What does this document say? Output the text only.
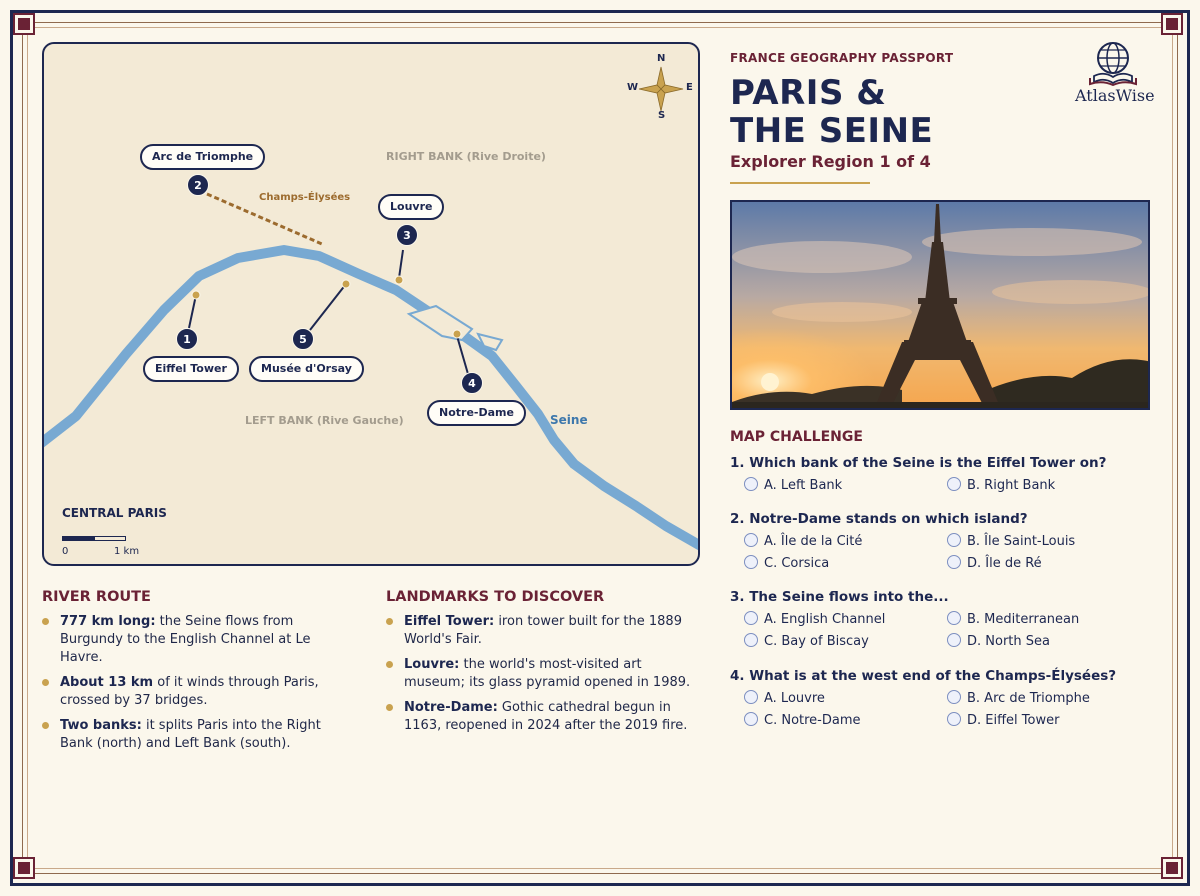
N
S
E
W
RIGHT BANK (Rive Droite)
LEFT BANK (Rive Gauche)	Seine
Champs-Élysées
Arc de Triomphe
2
Louvre
3
1
Eiffel Tower
5
Musée d'Orsay
4
Notre-Dame
CENTRAL PARIS
0	1 km
FRANCE GEOGRAPHY PASSPORT
PARIS &
THE SEINE
Explorer Region 1 of 4
AtlasWise
MAP CHALLENGE
1. Which bank of the Seine is the Eiffel Tower on?
A. Left Bank	B. Right Bank
2. Notre-Dame stands on which island?
A. Île de la Cité	B. Île Saint-Louis
C. Corsica	D. Île de Ré
3. The Seine flows into the...
A. English Channel	B. Mediterranean
C. Bay of Biscay	D. North Sea
4. What is at the west end of the Champs-Élysées?
A. Louvre	B. Arc de Triomphe
C. Notre-Dame	D. Eiffel Tower
RIVER ROUTE
777 km long: the Seine flows from Burgundy to the English Channel at Le Havre.
About 13 km of it winds through Paris, crossed by 37 bridges.
Two banks: it splits Paris into the Right Bank (north) and Left Bank (south).
LANDMARKS TO DISCOVER
Eiffel Tower: iron tower built for the 1889 World's Fair.
Louvre: the world's most-visited art museum; its glass pyramid opened in 1989.
Notre-Dame: Gothic cathedral begun in 1163, reopened in 2024 after the 2019 fire.
